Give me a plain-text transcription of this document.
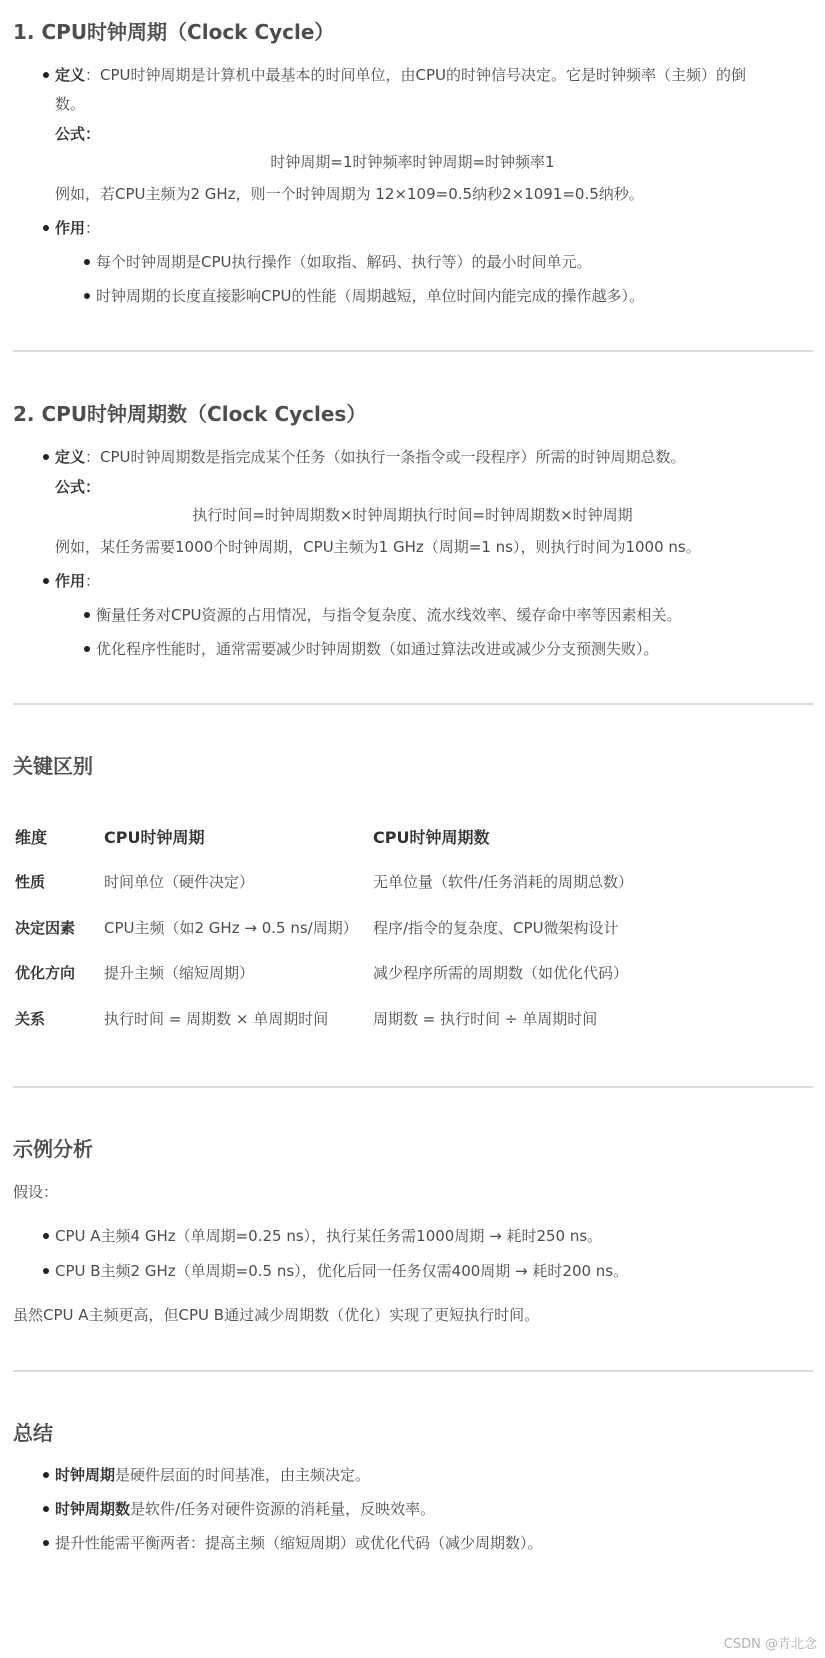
1. CPU时钟周期（Clock Cycle）
定义：CPU时钟周期是计算机中最基本的时间单位，由CPU的时钟信号决定。它是时钟频率（主频）的倒
数。
公式：
时钟周期=1时钟频率时钟周期=时钟频率1
例如，若CPU主频为2 GHz，则一个时钟周期为 12×109=0.5纳秒2×1091​=0.5纳秒。
作用：
每个时钟周期是CPU执行操作（如取指、解码、执行等）的最小时间单元。
时钟周期的长度直接影响CPU的性能（周期越短，单位时间内能完成的操作越多）。
2. CPU时钟周期数（Clock Cycles）
定义：CPU时钟周期数是指完成某个任务（如执行一条指令或一段程序）所需的时钟周期总数。
公式：
执行时间=时钟周期数×时钟周期执行时间=时钟周期数×时钟周期
例如，某任务需要1000个时钟周期，CPU主频为1 GHz（周期=1 ns），则执行时间为1000 ns。
作用：
衡量任务对CPU资源的占用情况，与指令复杂度、流水线效率、缓存命中率等因素相关。
优化程序性能时，通常需要减少时钟周期数（如通过算法改进或减少分支预测失败）。
关键区别
维度	CPU时钟周期	CPU时钟周期数
性质	时间单位（硬件决定）	无单位量（软件/任务消耗的周期总数）
决定因素 CPU主频（如2 GHz → 0.5 ns/周期） 程序/指令的复杂度、CPU微架构设计
优化方向 提升主频（缩短周期）	减少程序所需的周期数（如优化代码）
关系	执行时间 = 周期数 × 单周期时间	周期数 = 执行时间 ÷ 单周期时间
示例分析
假设：
CPU A主频4 GHz（单周期=0.25 ns），执行某任务需1000周期 → 耗时250 ns。
CPU B主频2 GHz（单周期=0.5 ns），优化后同一任务仅需400周期 → 耗时200 ns。
虽然CPU A主频更高，但CPU B通过减少周期数（优化）实现了更短执行时间。
总结
时钟周期是硬件层面的时间基准，由主频决定。
时钟周期数是软件/任务对硬件资源的消耗量，反映效率。
提升性能需平衡两者：提高主频（缩短周期）或优化代码（减少周期数）。
CSDN @青北念
